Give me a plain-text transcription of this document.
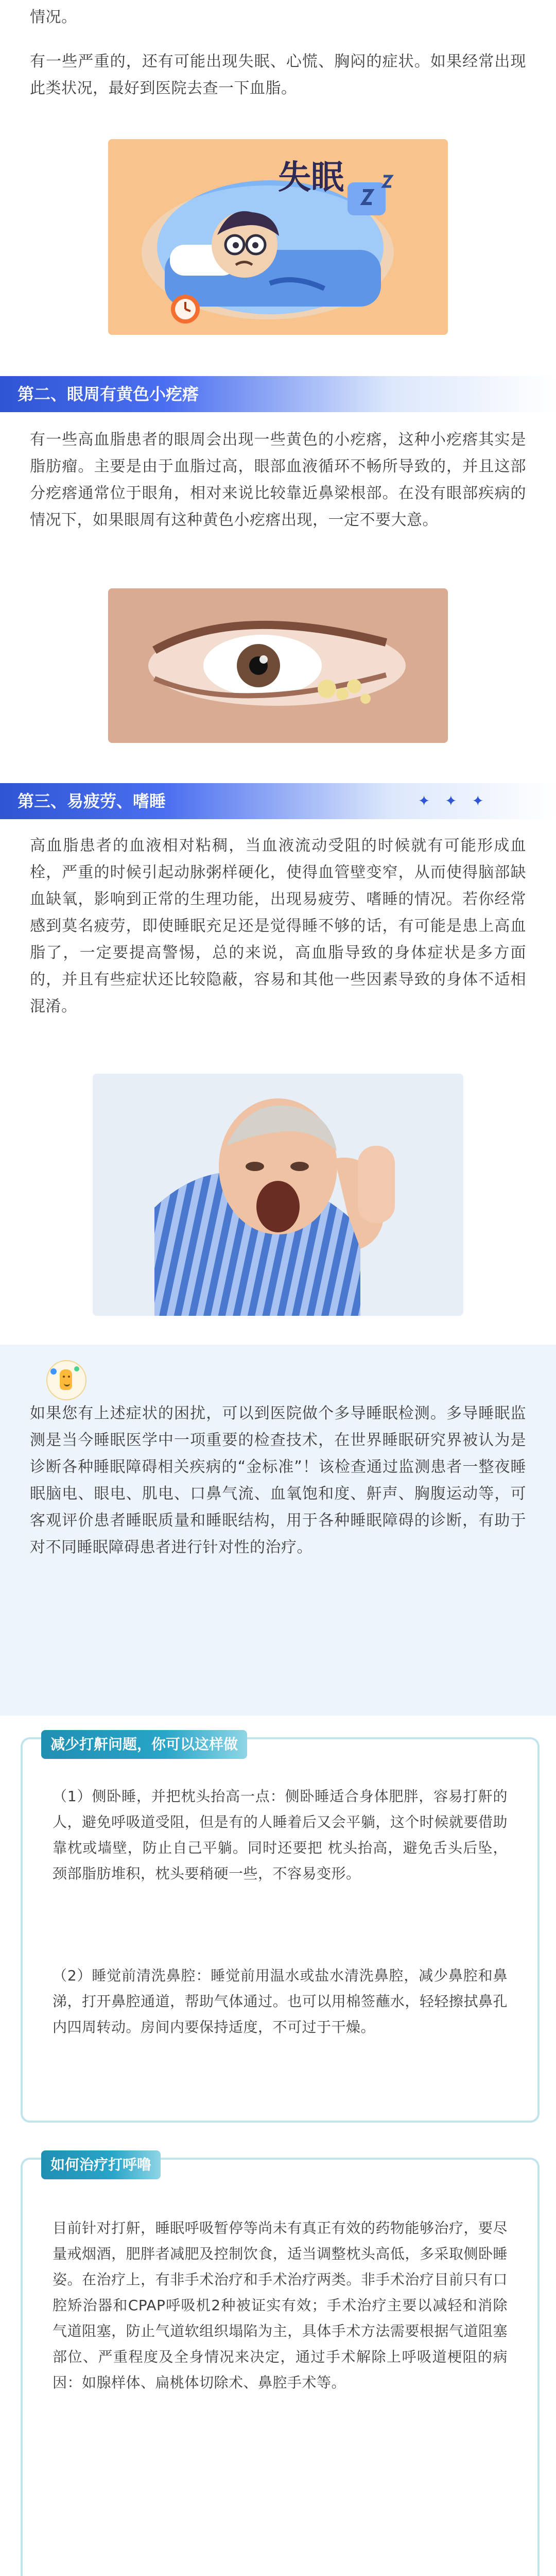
情况。
有一些严重的，还有可能出现失眠、心慌、胸闷的症状。如果经常出现此类状况，最好到医院去查一下血脂。
失眠
第二、眼周有黄色小疙瘩
有一些高血脂患者的眼周会出现一些黄色的小疙瘩，这种小疙瘩其实是脂肪瘤。主要是由于血脂过高，眼部血液循环不畅所导致的，并且这部分疙瘩通常位于眼角，相对来说比较靠近鼻梁根部。在没有眼部疾病的情况下，如果眼周有这种黄色小疙瘩出现，一定不要大意。
第三、易疲劳、嗜睡	✦ ✦ ✦
高血脂患者的血液相对粘稠，当血液流动受阻的时候就有可能形成血栓，严重的时候引起动脉粥样硬化，使得血管壁变窄，从而使得脑部缺血缺氧，影响到正常的生理功能，出现易疲劳、嗜睡的情况。若你经常感到莫名疲劳，即使睡眠充足还是觉得睡不够的话，有可能是患上高血脂了，一定要提高警惕，总的来说，高血脂导致的身体症状是多方面的，并且有些症状还比较隐蔽，容易和其他一些因素导致的身体不适相混淆。
如果您有上述症状的困扰，可以到医院做个多导睡眠检测。多导睡眠监测是当今睡眠医学中一项重要的检查技术，在世界睡眠研究界被认为是诊断各种睡眠障碍相关疾病的“金标准”！该检查通过监测患者一整夜睡眠脑电、眼电、肌电、口鼻气流、血氧饱和度、鼾声、胸腹运动等，可客观评价患者睡眠质量和睡眠结构，用于各种睡眠障碍的诊断，有助于对不同睡眠障碍患者进行针对性的治疗。
减少打鼾问题，你可以这样做
（1）侧卧睡，并把枕头抬高一点：侧卧睡适合身体肥胖，容易打鼾的人，避免呼吸道受阻，但是有的人睡着后又会平躺，这个时候就要借助靠枕或墙壁，防止自己平躺。同时还要把 枕头抬高，避免舌头后坠，颈部脂肪堆积，枕头要稍硬一些，不容易变形。
（2）睡觉前清洗鼻腔：睡觉前用温水或盐水清洗鼻腔，减少鼻腔和鼻涕，打开鼻腔通道，帮助气体通过。也可以用棉签蘸水，轻轻擦拭鼻孔内四周转动。房间内要保持适度，不可过于干燥。
如何治疗打呼噜
目前针对打鼾，睡眠呼吸暂停等尚未有真正有效的药物能够治疗，要尽量戒烟酒，肥胖者减肥及控制饮食，适当调整枕头高低，多采取侧卧睡姿。在治疗上，有非手术治疗和手术治疗两类。非手术治疗目前只有口腔矫治器和CPAP呼吸机2种被证实有效；手术治疗主要以减轻和消除气道阻塞，防止气道软组织塌陷为主，具体手术方法需要根据气道阻塞部位、严重程度及全身情况来决定，通过手术解除上呼吸道梗阻的病因：如腺样体、扁桃体切除术、鼻腔手术等。
